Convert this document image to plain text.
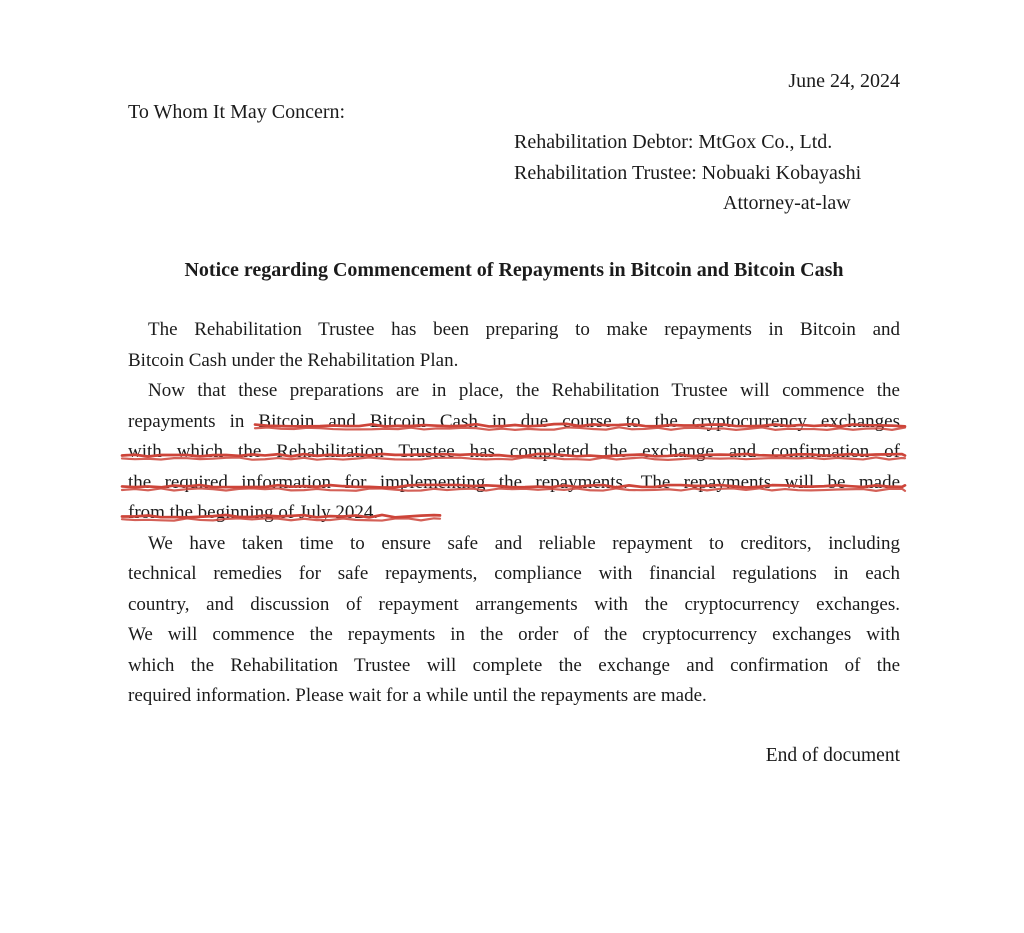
June 24, 2024
To Whom It May Concern:
Rehabilitation Debtor: MtGox Co., Ltd.
Rehabilitation Trustee: Nobuaki Kobayashi
Attorney-at-law
Notice regarding Commencement of Repayments in Bitcoin and Bitcoin Cash
The Rehabilitation Trustee has been preparing to make repayments in Bitcoin and
Bitcoin Cash under the Rehabilitation Plan.
Now that these preparations are in place, the Rehabilitation Trustee will commence the
repayments in Bitcoin and Bitcoin Cash in due course to the cryptocurrency exchanges
with which the Rehabilitation Trustee has completed the exchange and confirmation of
the required information for implementing the repayments. The repayments will be made
from the beginning of July 2024.
We have taken time to ensure safe and reliable repayment to creditors, including
technical remedies for safe repayments, compliance with financial regulations in each
country, and discussion of repayment arrangements with the cryptocurrency exchanges.
We will commence the repayments in the order of the cryptocurrency exchanges with
which the Rehabilitation Trustee will complete the exchange and confirmation of the
required information. Please wait for a while until the repayments are made.
End of document
